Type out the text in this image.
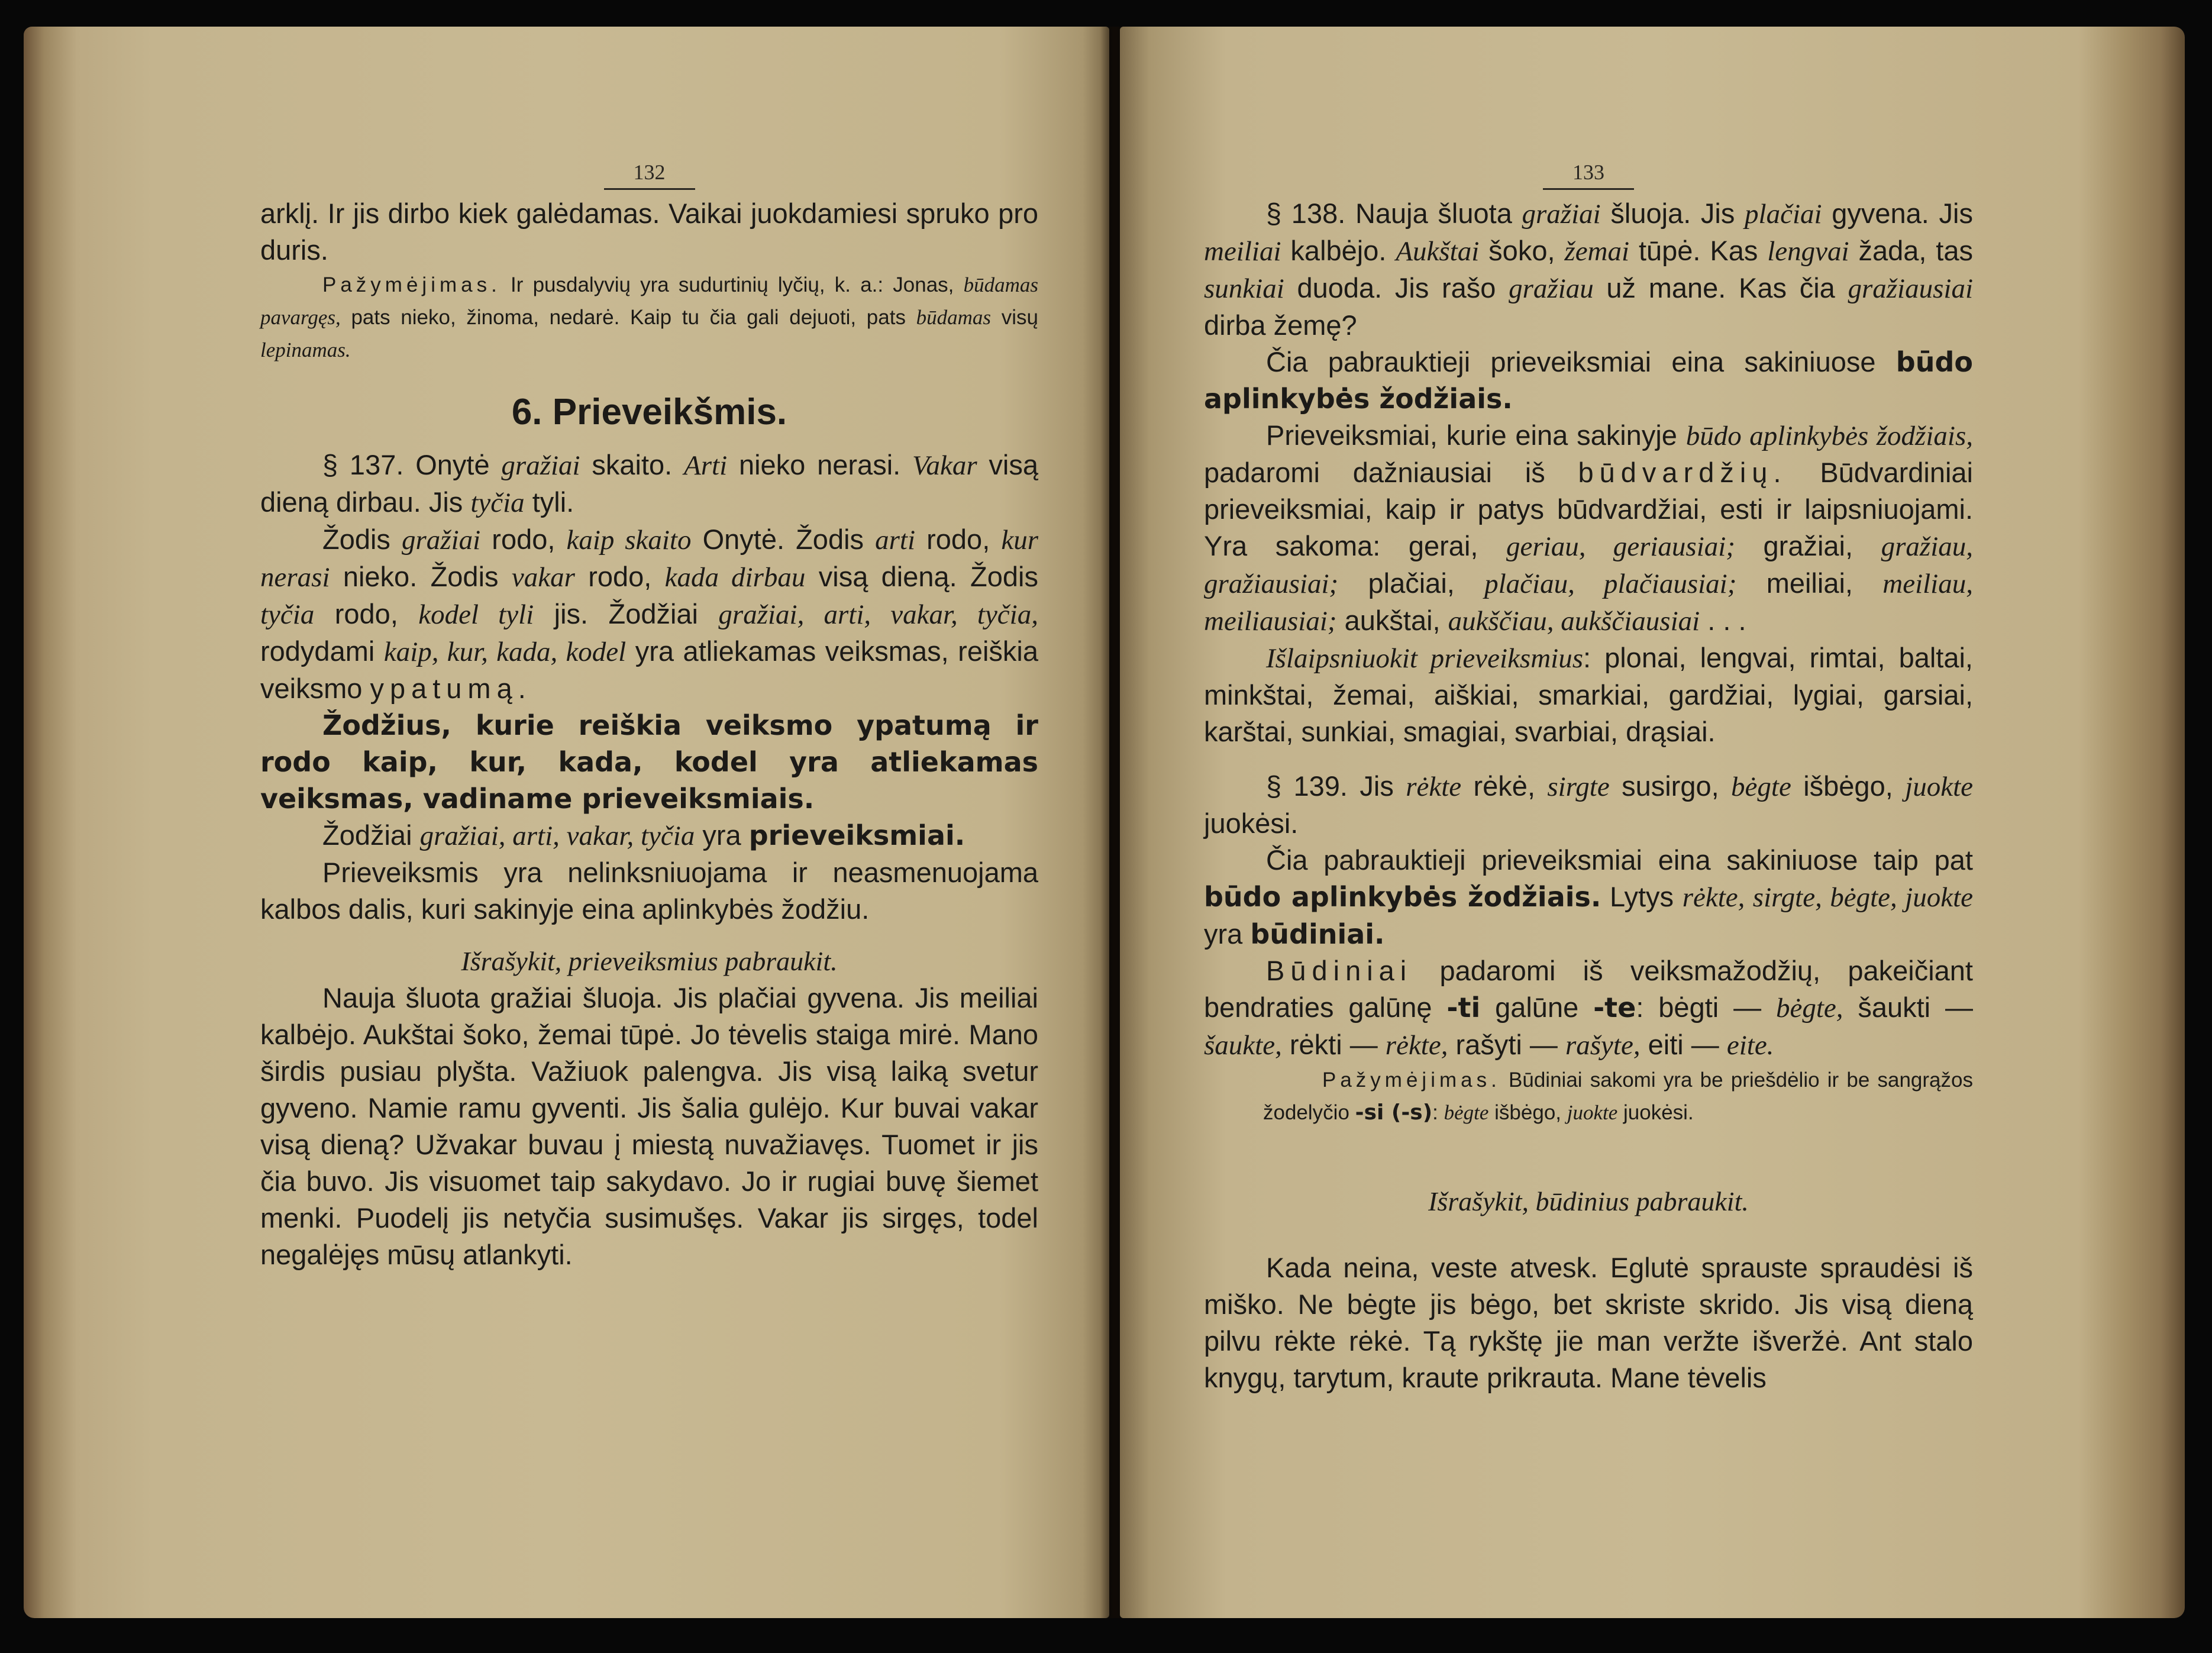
132

arklį. Ir jis dirbo kiek galėdamas. Vaikai juokdamiesi spruko pro duris.

Pažymėjimas. Ir pusdalyvių yra sudurtinių lyčių, k. a.: Jonas, būdamas pavargęs, pats nieko, žinoma, nedarė. Kaip tu čia gali dejuoti, pats būdamas visų lepinamas.
6. Prieveikšmis.

§ 137. Onytė gražiai skaito. Arti nieko nerasi. Vakar visą dieną dirbau. Jis tyčia tyli.

Žodis gražiai rodo, kaip skaito Onytė. Žodis arti rodo, kur nerasi nieko. Žodis vakar rodo, kada dirbau visą dieną. Žodis tyčia rodo, kodel tyli jis. Žodžiai gražiai, arti, vakar, tyčia, rodydami kaip, kur, kada, kodel yra atliekamas veiksmas, reiškia veiksmo ypatumą.

Žodžius, kurie reiškia veiksmo ypatumą ir rodo kaip, kur, kada, kodel yra atliekamas veiksmas, vadiname prieveiksmiais.

Žodžiai gražiai, arti, vakar, tyčia yra prieveiksmiai.

Prieveiksmis yra nelinksniuojama ir neasmenuojama kalbos dalis, kuri sakinyje eina aplinkybės žodžiu.

Išrašykit, prieveiksmius pabraukit.

Nauja šluota gražiai šluoja. Jis plačiai gyvena. Jis meiliai kalbėjo. Aukštai šoko, žemai tūpė. Jo tėvelis staiga mirė. Mano širdis pusiau plyšta. Važiuok palengva. Jis visą laiką svetur gyveno. Namie ramu gyventi. Jis šalia gulėjo. Kur buvai vakar visą dieną? Užvakar buvau į miestą nuvažiavęs. Tuomet ir jis čia buvo. Jis visuomet taip sakydavo. Jo ir rugiai buvę šiemet menki. Puodelį jis netyčia susimušęs. Vakar jis sirgęs, todel negalėjęs mūsų atlankyti.

133

§ 138. Nauja šluota gražiai šluoja. Jis plačiai gyvena. Jis meiliai kalbėjo. Aukštai šoko, žemai tūpė. Kas lengvai žada, tas sunkiai duoda. Jis rašo gražiau už mane. Kas čia gražiausiai dirba žemę?

Čia pabrauktieji prieveiksmiai eina sakiniuose būdo aplinkybės žodžiais.

Prieveiksmiai, kurie eina sakinyje būdo aplinkybės žodžiais, padaromi dažniausiai iš būdvardžių. Būdvardiniai prieveiksmiai, kaip ir patys būdvardžiai, esti ir laipsniuojami. Yra sakoma: gerai, geriau, geriausiai; gražiai, gražiau, gražiausiai; plačiai, plačiau, plačiausiai; meiliai, meiliau, meiliausiai; aukštai, aukščiau, aukščiausiai . . .

Išlaipsniuokit prieveiksmius: plonai, lengvai, rimtai, baltai, minkštai, žemai, aiškiai, smarkiai, gardžiai, lygiai, garsiai, karštai, sunkiai, smagiai, svarbiai, drąsiai.

§ 139. Jis rėkte rėkė, sirgte susirgo, bėgte išbėgo, juokte juokėsi.

Čia pabrauktieji prieveiksmiai eina sakiniuose taip pat būdo aplinkybės žodžiais. Lytys rėkte, sirgte, bėgte, juokte yra būdiniai.

Būdiniai padaromi iš veiksmažodžių, pakeičiant bendraties galūnę -ti galūne -te: bėgti — bėgte, šaukti — šaukte, rėkti — rėkte, rašyti — rašyte, eiti — eite.

Pažymėjimas. Būdiniai sakomi yra be priešdėlio ir be sangrąžos žodelyčio -si (-s): bėgte išbėgo, juokte juokėsi.
Išrašykit, būdinius pabraukit.

Kada neina, veste atvesk. Eglutė sprauste spraudėsi iš miško. Ne bėgte jis bėgo, bet skriste skrido. Jis visą dieną pilvu rėkte rėkė. Tą rykštę jie man veržte išveržė. Ant stalo knygų, tarytum, kraute prikrauta. Mane tėvelis
